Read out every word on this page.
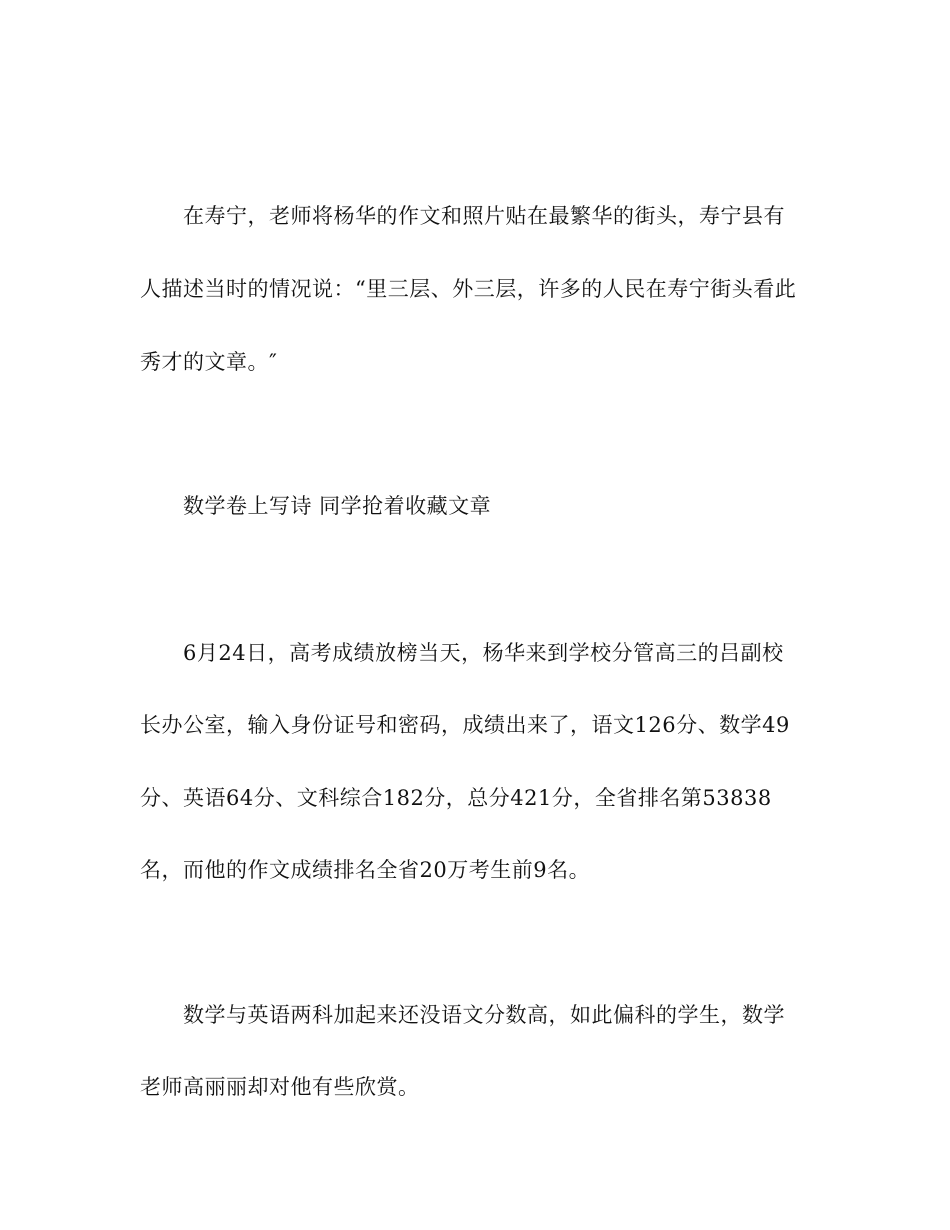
在寿宁，老师将杨华的作文和照片贴在最繁华的街头，寿宁县有
人描述当时的情况说：“里三层、外三层，许多的人民在寿宁街头看此
秀才的文章。″
数学卷上写诗 同学抢着收藏文章
6月24日，高考成绩放榜当天，杨华来到学校分管高三的吕副校
长办公室，输入身份证号和密码，成绩出来了，语文126分、数学49
分、英语64分、文科综合182分，总分421分，全省排名第53838
名，而他的作文成绩排名全省20万考生前9名。
数学与英语两科加起来还没语文分数高，如此偏科的学生，数学
老师高丽丽却对他有些欣赏。
